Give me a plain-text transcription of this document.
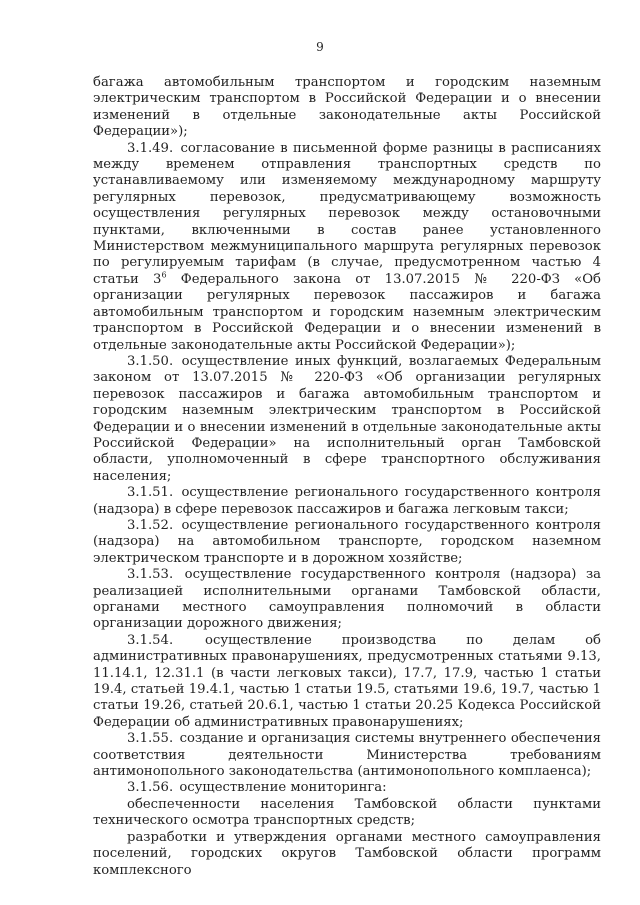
9

багажа автомобильным транспортом и городским наземным электрическим транспортом в Российской Федерации и о внесении изменений в отдельные законодательные акты Российской Федерации»);

3.1.49. согласование в письменной форме разницы в расписаниях между временем отправления транспортных средств по устанавливаемому или изменяемому международному маршруту регулярных перевозок, предусматривающему возможность осуществления регулярных перевозок между остановочными пунктами, включенными в состав ранее установленного Министерством межмуниципального маршрута регулярных перевозок по регулируемым тарифам (в случае, предусмотренном частью 4 статьи $3^6$ Федерального закона от 13.07.2015 № 220-ФЗ «Об организации регулярных перевозок пассажиров и багажа автомобильным транспортом и городским наземным электрическим транспортом в Российской Федерации и о внесении изменений в отдельные законодательные акты Российской Федерации»);

3.1.50. осуществление иных функций, возлагаемых Федеральным законом от 13.07.2015 № 220-ФЗ «Об организации регулярных перевозок пассажиров и багажа автомобильным транспортом и городским наземным электрическим транспортом в Российской Федерации и о внесении изменений в отдельные законодательные акты Российской Федерации» на исполнительный орган Тамбовской области, уполномоченный в сфере транспортного обслуживания населения;

3.1.51. осуществление регионального государственного контроля (надзора) в сфере перевозок пассажиров и багажа легковым такси;

3.1.52. осуществление регионального государственного контроля (надзора) на автомобильном транспорте, городском наземном электрическом транспорте и в дорожном хозяйстве;

3.1.53. осуществление государственного контроля (надзора) за реализацией исполнительными органами Тамбовской области, органами местного самоуправления полномочий в области организации дорожного движения;

3.1.54. осуществление производства по делам об административных правонарушениях, предусмотренных статьями 9.13, 11.14.1, 12.31.1 (в части легковых такси), 17.7, 17.9, частью 1 статьи 19.4, статьей 19.4.1, частью 1 статьи 19.5, статьями 19.6, 19.7, частью 1 статьи 19.26, статьей 20.6.1, частью 1 статьи 20.25 Кодекса Российской Федерации об административных правонарушениях;

3.1.55. создание и организация системы внутреннего обеспечения соответствия деятельности Министерства требованиям антимонопольного законодательства (антимонопольного комплаенса);

3.1.56. осуществление мониторинга:

обеспеченности населения Тамбовской области пунктами технического осмотра транспортных средств;

разработки и утверждения органами местного самоуправления поселений, городских округов Тамбовской области программ комплексного
